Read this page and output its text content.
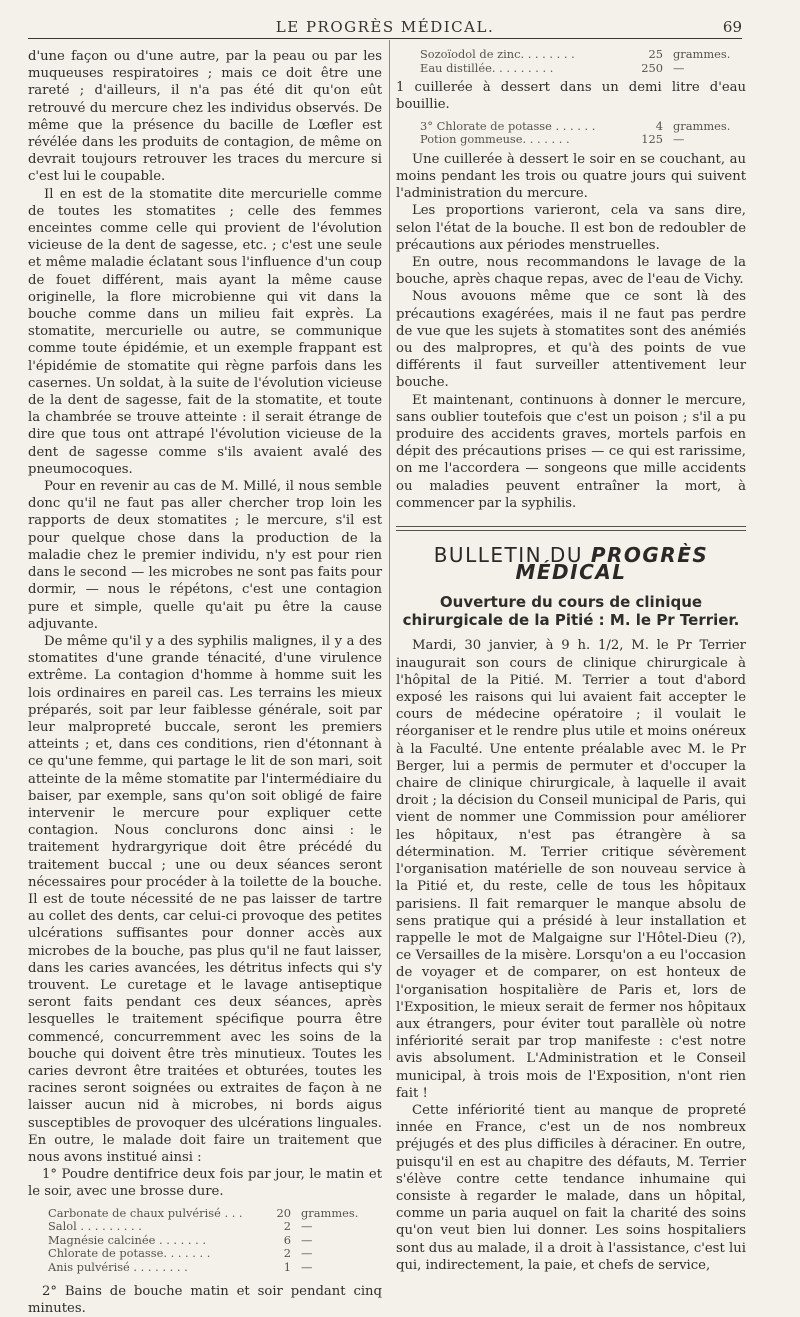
LE PROGRÈS MÉDICAL.	69

d'une façon ou d'une autre, par la peau ou par les muqueuses respiratoires ; mais ce doit être une rareté ; d'ailleurs, il n'a pas été dit qu'on eût retrouvé du mercure chez les individus observés. De même que la présence du bacille de Lœfler est révélée dans les produits de contagion, de même on devrait toujours retrouver les traces du mercure si c'est lui le coupable.

Il en est de la stomatite dite mercurielle comme de toutes les stomatites ; celle des femmes enceintes comme celle qui provient de l'évolution vicieuse de la dent de sagesse, etc. ; c'est une seule et même maladie éclatant sous l'influence d'un coup de fouet différent, mais ayant la même cause originelle, la flore microbienne qui vit dans la bouche comme dans un milieu fait exprès. La stomatite, mercurielle ou autre, se communique comme toute épidémie, et un exemple frappant est l'épidémie de stomatite qui règne parfois dans les casernes. Un soldat, à la suite de l'évolution vicieuse de la dent de sagesse, fait de la stomatite, et toute la chambrée se trouve atteinte : il serait étrange de dire que tous ont attrapé l'évolution vicieuse de la dent de sagesse comme s'ils avaient avalé des pneumocoques.

Pour en revenir au cas de M. Millé, il nous semble donc qu'il ne faut pas aller chercher trop loin les rapports de deux stomatites ; le mercure, s'il est pour quelque chose dans la production de la maladie chez le premier individu, n'y est pour rien dans le second — les microbes ne sont pas faits pour dormir, — nous le répétons, c'est une contagion pure et simple, quelle qu'ait pu être la cause adjuvante.

De même qu'il y a des syphilis malignes, il y a des stomatites d'une grande ténacité, d'une virulence extrême. La contagion d'homme à homme suit les lois ordinaires en pareil cas. Les terrains les mieux préparés, soit par leur faiblesse générale, soit par leur malpropreté buccale, seront les premiers atteints ; et, dans ces conditions, rien d'étonnant à ce qu'une femme, qui partage le lit de son mari, soit atteinte de la même stomatite par l'intermédiaire du baiser, par exemple, sans qu'on soit obligé de faire intervenir le mercure pour expliquer cette contagion. Nous conclurons donc ainsi : le traitement hydrargyrique doit être précédé du traitement buccal ; une ou deux séances seront nécessaires pour procéder à la toilette de la bouche. Il est de toute nécessité de ne pas laisser de tartre au collet des dents, car celui-ci provoque des petites ulcérations suffisantes pour donner accès aux microbes de la bouche, pas plus qu'il ne faut laisser, dans les caries avancées, les détritus infects qui s'y trouvent. Le curetage et le lavage antiseptique seront faits pendant ces deux séances, après lesquelles le traitement spécifique pourra être commencé, concurremment avec les soins de la bouche qui doivent être très minutieux. Toutes les caries devront être traitées et obturées, toutes les racines seront soignées ou extraites de façon à ne laisser aucun nid à microbes, ni bords aigus susceptibles de provoquer des ulcérations linguales. En outre, le malade doit faire un traitement que nous avons institué ainsi :

1° Poudre dentifrice deux fois par jour, le matin et le soir, avec une brosse dure.

Carbonate de chaux pulvérisé . . .	20	grammes.
Salol . . . . . . . . .	2	—
Magnésie calcinée . . . . . . .	6	—
Chlorate de potasse. . . . . . .	2	—
Anis pulvérisé . . . . . . . .	1	—

2° Bains de bouche matin et soir pendant cinq minutes.

Sozoïodol de zinc. . . . . . . .	25	grammes.
Eau distillée. . . . . . . . .	250	—

1 cuillerée à dessert dans un demi litre d'eau bouillie.

3° Chlorate de potasse . . . . . .	4	grammes.
Potion gommeuse. . . . . . .	125	—

Une cuillerée à dessert le soir en se couchant, au moins pendant les trois ou quatre jours qui suivent l'administration du mercure.

Les proportions varieront, cela va sans dire, selon l'état de la bouche. Il est bon de redoubler de précautions aux périodes menstruelles.

En outre, nous recommandons le lavage de la bouche, après chaque repas, avec de l'eau de Vichy.

Nous avouons même que ce sont là des précautions exagérées, mais il ne faut pas perdre de vue que les sujets à stomatites sont des anémiés ou des malpropres, et qu'à des points de vue différents il faut surveiller attentivement leur bouche.

Et maintenant, continuons à donner le mercure, sans oublier toutefois que c'est un poison ; s'il a pu produire des accidents graves, mortels parfois en dépit des précautions prises — ce qui est rarissime, on me l'accordera — songeons que mille accidents ou maladies peuvent entraîner la mort, à commencer par la syphilis.

BULLETIN DU PROGRÈS MÉDICAL
Ouverture du cours de clinique chirurgicale de la Pitié : M. le Pr Terrier.

Mardi, 30 janvier, à 9 h. 1/2, M. le Pr Terrier inaugurait son cours de clinique chirurgicale à l'hôpital de la Pitié. M. Terrier a tout d'abord exposé les raisons qui lui avaient fait accepter le cours de médecine opératoire ; il voulait le réorganiser et le rendre plus utile et moins onéreux à la Faculté. Une entente préalable avec M. le Pr Berger, lui a permis de permuter et d'occuper la chaire de clinique chirurgicale, à laquelle il avait droit ; la décision du Conseil municipal de Paris, qui vient de nommer une Commission pour améliorer les hôpitaux, n'est pas étrangère à sa détermination. M. Terrier critique sévèrement l'organisation matérielle de son nouveau service à la Pitié et, du reste, celle de tous les hôpitaux parisiens. Il fait remarquer le manque absolu de sens pratique qui a présidé à leur installation et rappelle le mot de Malgaigne sur l'Hôtel-Dieu (?), ce Versailles de la misère. Lorsqu'on a eu l'occasion de voyager et de comparer, on est honteux de l'organisation hospitalière de Paris et, lors de l'Exposition, le mieux serait de fermer nos hôpitaux aux étrangers, pour éviter tout parallèle où notre infériorité serait par trop manifeste : c'est notre avis absolument. L'Administration et le Conseil municipal, à trois mois de l'Exposition, n'ont rien fait !

Cette infériorité tient au manque de propreté innée en France, c'est un de nos nombreux préjugés et des plus difficiles à déraciner. En outre, puisqu'il en est au chapitre des défauts, M. Terrier s'élève contre cette tendance inhumaine qui consiste à regarder le malade, dans un hôpital, comme un paria auquel on fait la charité des soins qu'on veut bien lui donner. Les soins hospitaliers sont dus au malade, il a droit à l'assistance, c'est lui qui, indirectement, la paie, et chefs de service,
